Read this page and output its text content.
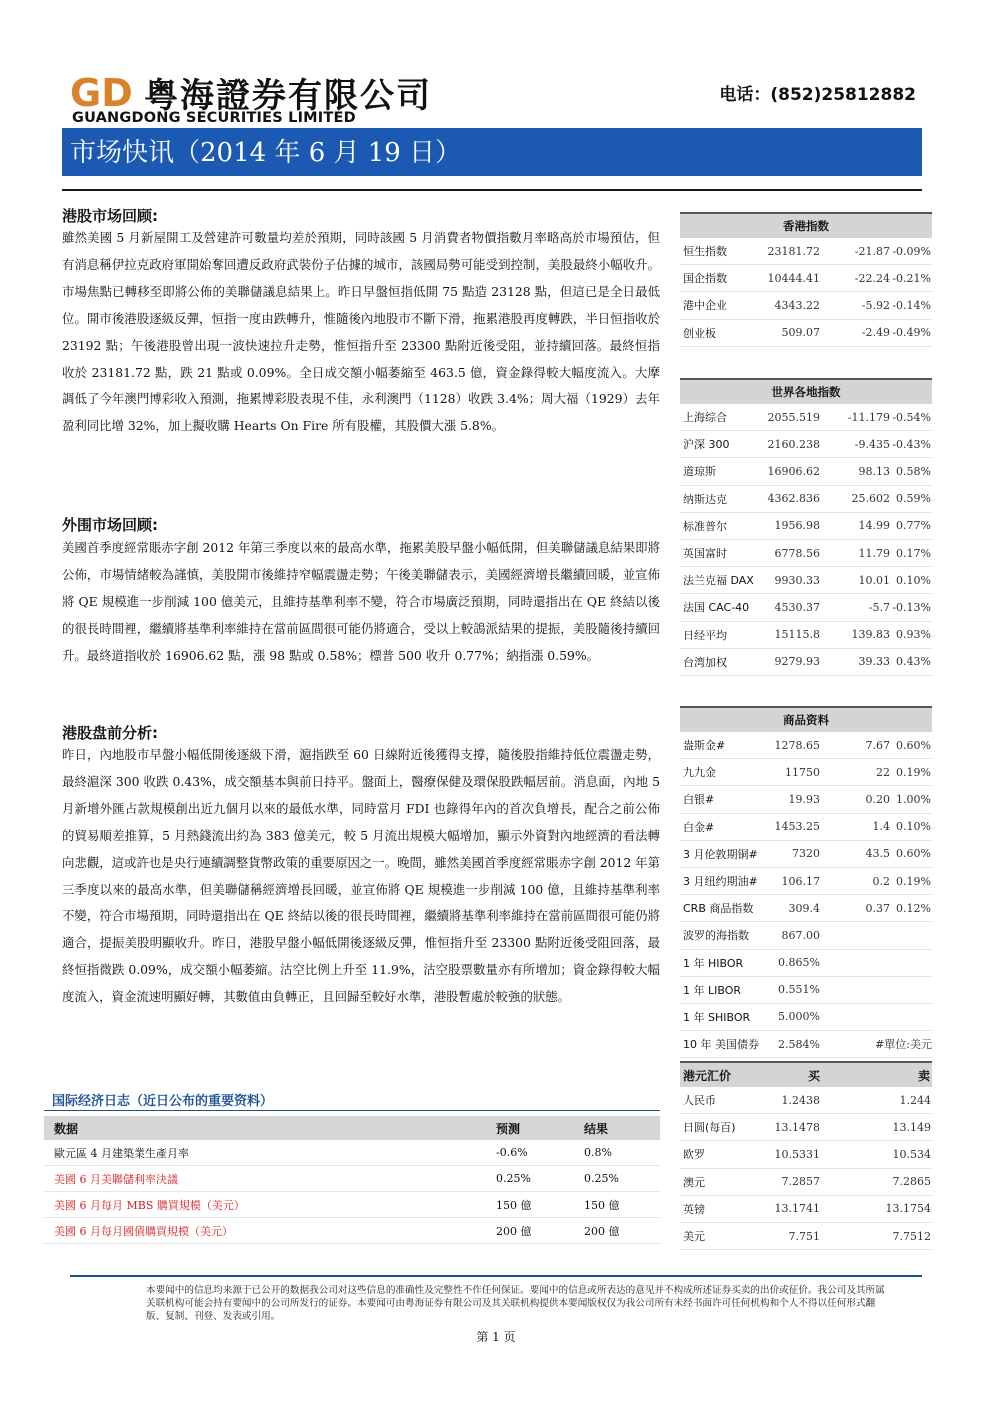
GD 粤海證券有限公司
GUANGDONG SECURITIES LIMITED
电话：(852)25812882
市场快讯（2014 年 6 月 19 日）
港股市场回顾:
雖然美國 5 月新屋開工及營建許可數量均差於預期，同時該國 5 月消費者物價指數月率略高於市場預估，但有消息稱伊拉克政府軍開始奪回遭反政府武裝份子佔據的城市，該國局勢可能受到控制，美股最終小幅收升。市場焦點已轉移至即將公佈的美聯儲議息結果上。昨日早盤恒指低開 75 點造 23128 點，但這已是全日最低位。開市後港股逐級反彈，恒指一度由跌轉升，惟隨後內地股市不斷下滑，拖累港股再度轉跌，半日恒指收於 23192 點；午後港股曾出現一波快速拉升走勢，惟恒指升至 23300 點附近後受阻，並持續回落。最終恒指收於 23181.72 點，跌 21 點或 0.09%。全日成交額小幅萎縮至 463.5 億，資金錄得較大幅度流入。大摩調低了今年澳門博彩收入預測，拖累博彩股表現不佳，永利澳門（1128）收跌 3.4%；周大福（1929）去年盈利同比增 32%，加上擬收購 Hearts On Fire 所有股權，其股價大漲 5.8%。
外围市场回顾:
美國首季度經常賬赤字創 2012 年第三季度以來的最高水準，拖累美股早盤小幅低開，但美聯儲議息結果即將公佈，市場情緒較為謹慎，美股開市後維持窄幅震盪走勢；午後美聯儲表示，美國經濟增長繼續回暖，並宣佈將 QE 規模進一步削減 100 億美元，且維持基準利率不變，符合市場廣泛預期，同時還指出在 QE 終結以後的很長時間裡，繼續將基準利率維持在當前區間很可能仍將適合，受以上較鴿派結果的提振，美股隨後持續回升。最終道指收於 16906.62 點，漲 98 點或 0.58%；標普 500 收升 0.77%；納指漲 0.59%。
港股盘前分析:
昨日，內地股市早盤小幅低開後逐級下滑，滬指跌至 60 日線附近後獲得支撐，隨後股指維持低位震盪走勢，最終滬深 300 收跌 0.43%，成交額基本與前日持平。盤面上，醫療保健及環保股跌幅居前。消息面，內地 5 月新增外匯占款規模創出近九個月以來的最低水準，同時當月 FDI 也錄得年內的首次負增長，配合之前公佈的貿易順差推算，5 月熱錢流出約為 383 億美元，較 5 月流出規模大幅增加，顯示外資對內地經濟的看法轉向悲觀，這或許也是央行連續調整貨幣政策的重要原因之一。晚間，雖然美國首季度經常賬赤字創 2012 年第三季度以來的最高水準，但美聯儲稱經濟增長回暖，並宣佈將 QE 規模進一步削減 100 億，且維持基準利率不變，符合市場預期，同時還指出在 QE 終結以後的很長時間裡，繼續將基準利率維持在當前區間很可能仍將適合，提振美股明顯收升。昨日，港股早盤小幅低開後逐級反彈，惟恒指升至 23300 點附近後受阻回落，最終恒指微跌 0.09%，成交額小幅萎縮。沽空比例上升至 11.9%，沽空股票數量亦有所增加；資金錄得較大幅度流入，資金流速明顯好轉，其數值由負轉正，且回歸至較好水準，港股暫處於較強的狀態。
国际经济日志（近日公布的重要资料）
数据	预测	结果
歐元區 4 月建築業生產月率	-0.6%	0.8%
美國 6 月美聯儲利率決議	0.25%	0.25%
美國 6 月每月 MBS 購買規模（美元）	150 億	150 億
美國 6 月每月國債購買規模（美元）	200 億	200 億
香港指数
恒生指数	23181.72	-21.87 -0.09%
国企指数	10444.41	-22.24 -0.21%
港中企业	4343.22	-5.92 -0.14%
创业板	509.07	-2.49 -0.49%
世界各地指数
上海综合	2055.519	-11.179 -0.54%
沪深 300	2160.238	-9.435 -0.43%
道琼斯	16906.62	98.13 0.58%
纳斯达克	4362.836	25.602 0.59%
标准普尔	1956.98	14.99 0.77%
英国富时	6778.56	11.79 0.17%
法兰克福 DAX	9930.33	10.01 0.10%
法国 CAC-40	4530.37	-5.7 -0.13%
日经平均	15115.8	139.83 0.93%
台湾加权	9279.93	39.33 0.43%
商品资料
盎斯金#	1278.65	7.67 0.60%
九九金	11750	22 0.19%
白银#	19.93	0.20 1.00%
白金#	1453.25	1.4 0.10%
3 月伦敦期铜#	7320	43.5 0.60%
3 月纽约期油#	106.17	0.2 0.19%
CRB 商品指数	309.4	0.37 0.12%
波罗的海指数	867.00
1 年 HIBOR	0.865%
1 年 LIBOR	0.551%
1 年 SHIBOR	5.000%
10 年 美国债券	2.584%	#單位:美元
港元汇价	买	卖
人民币	1.2438	1.244
日圆(每百)	13.1478	13.149
欧罗	10.5331	10.534
澳元	7.2857	7.2865
英镑	13.1741	13.1754
美元	7.751	7.7512
本要闻中的信息均来源于已公开的数据我公司对这些信息的准确性及完整性不作任何保证。要闻中的信息或所表达的意见并不构成所述证券买卖的出价或征价。我公司及其所属关联机构可能会持有要闻中的公司所发行的证券。本要闻可由粤海证券有限公司及其关联机构提供本要闻版权仅为我公司所有未经书面许可任何机构和个人不得以任何形式翻版、复制、刊登、发表或引用。
第 1 页
